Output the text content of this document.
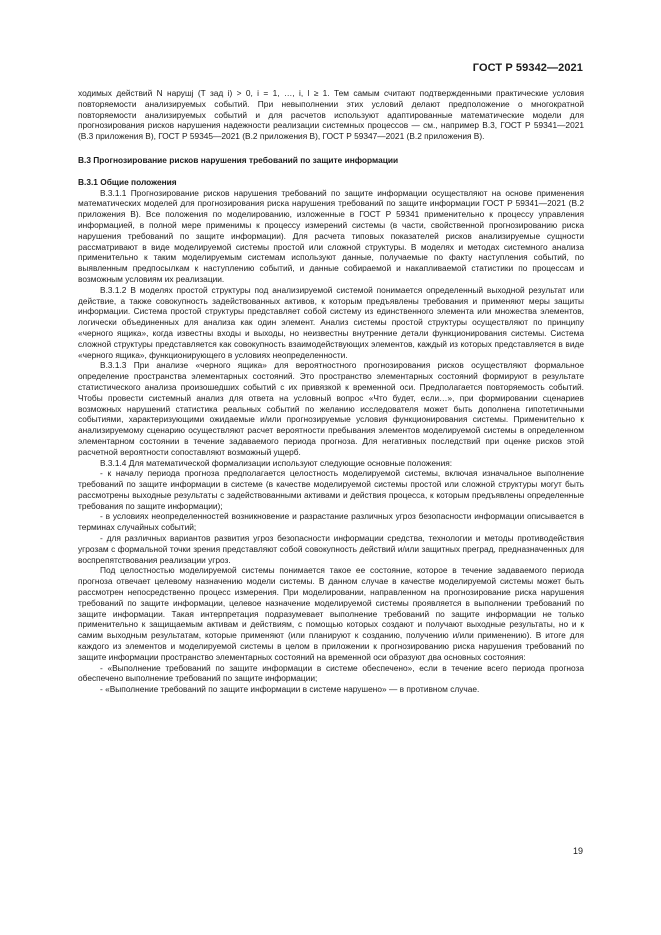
ГОСТ Р 59342—2021

ходимых действий N нарушj (T зад i) > 0, i = 1, …, i, l ≥ 1. Тем самым считают подтвержденными практические условия повторяемости анализируемых событий. При невыполнении этих условий делают предположение о многократной повторяемости анализируемых событий и для расчетов используют адаптированные математические модели для прогнозирования рисков нарушения надежности реализации системных процессов — см., например В.3, ГОСТ Р 59341—2021 (В.3 приложения В), ГОСТ Р 59345—2021 (В.2 приложения В), ГОСТ Р 59347—2021 (В.2 приложения В).

В.3 Прогнозирование рисков нарушения требований по защите информации

В.3.1 Общие положения

В.3.1.1 Прогнозирование рисков нарушения требований по защите информации осуществляют на основе применения математических моделей для прогнозирования риска нарушения требований по защите информации ГОСТ Р 59341—2021 (В.2 приложения В). Все положения по моделированию, изложенные в ГОСТ Р 59341 применительно к процессу управления информацией, в полной мере применимы к процессу измерений системы (в части, свойственной прогнозированию риска нарушения требований по защите информации). Для расчета типовых показателей рисков анализируемые сущности рассматривают в виде моделируемой системы простой или сложной структуры. В моделях и методах системного анализа применительно к таким моделируемым системам используют данные, получаемые по факту наступления событий, по выявленным предпосылкам к наступлению событий, и данные собираемой и накапливаемой статистики по процессам и возможным условиям их реализации.

В.3.1.2 В моделях простой структуры под анализируемой системой понимается определенный выходной результат или действие, а также совокупность задействованных активов, к которым предъявлены требования и применяют меры защиты информации. Система простой структуры представляет собой систему из единственного элемента или множества элементов, логически объединенных для анализа как один элемент. Анализ системы простой структуры осуществляют по принципу «черного ящика», когда известны входы и выходы, но неизвестны внутренние детали функционирования системы. Система сложной структуры представляется как совокупность взаимодействующих элементов, каждый из которых представляется в виде «черного ящика», функционирующего в условиях неопределенности.

В.3.1.3 При анализе «черного ящика» для вероятностного прогнозирования рисков осуществляют формальное определение пространства элементарных состояний. Это пространство элементарных состояний формируют в результате статистического анализа произошедших событий с их привязкой к временной оси. Предполагается повторяемость событий. Чтобы провести системный анализ для ответа на условный вопрос «Что будет, если…», при формировании сценариев возможных нарушений статистика реальных событий по желанию исследователя может быть дополнена гипотетичными событиями, характеризующими ожидаемые и/или прогнозируемые условия функционирования системы. Применительно к анализируемому сценарию осуществляют расчет вероятности пребывания элементов моделируемой системы в определенном элементарном состоянии в течение задаваемого периода прогноза. Для негативных последствий при оценке рисков этой расчетной вероятности сопоставляют возможный ущерб.

В.3.1.4 Для математической формализации используют следующие основные положения:

- к началу периода прогноза предполагается целостность моделируемой системы, включая изначальное выполнение требований по защите информации в системе (в качестве моделируемой системы простой или сложной структуры могут быть рассмотрены выходные результаты с задействованными активами и действия процесса, к которым предъявлены определенные требования по защите информации);

- в условиях неопределенностей возникновение и разрастание различных угроз безопасности информации описывается в терминах случайных событий;

- для различных вариантов развития угроз безопасности информации средства, технологии и методы противодействия угрозам с формальной точки зрения представляют собой совокупность действий и/или защитных преград, предназначенных для воспрепятствования реализации угроз.

Под целостностью моделируемой системы понимается такое ее состояние, которое в течение задаваемого периода прогноза отвечает целевому назначению модели системы. В данном случае в качестве моделируемой системы может быть рассмотрен непосредственно процесс измерения. При моделировании, направленном на прогнозирование риска нарушения требований по защите информации, целевое назначение моделируемой системы проявляется в выполнении требований по защите информации. Такая интерпретация подразумевает выполнение требований по защите информации не только применительно к защищаемым активам и действиям, с помощью которых создают и получают выходные результаты, но и к самим выходным результатам, которые применяют (или планируют к созданию, получению и/или применению). В итоге для каждого из элементов и моделируемой системы в целом в приложении к прогнозированию риска нарушения требований по защите информации пространство элементарных состояний на временной оси образуют два основных состояния:

- «Выполнение требований по защите информации в системе обеспечено», если в течение всего периода прогноза обеспечено выполнение требований по защите информации;

- «Выполнение требований по защите информации в системе нарушено» — в противном случае.

19
